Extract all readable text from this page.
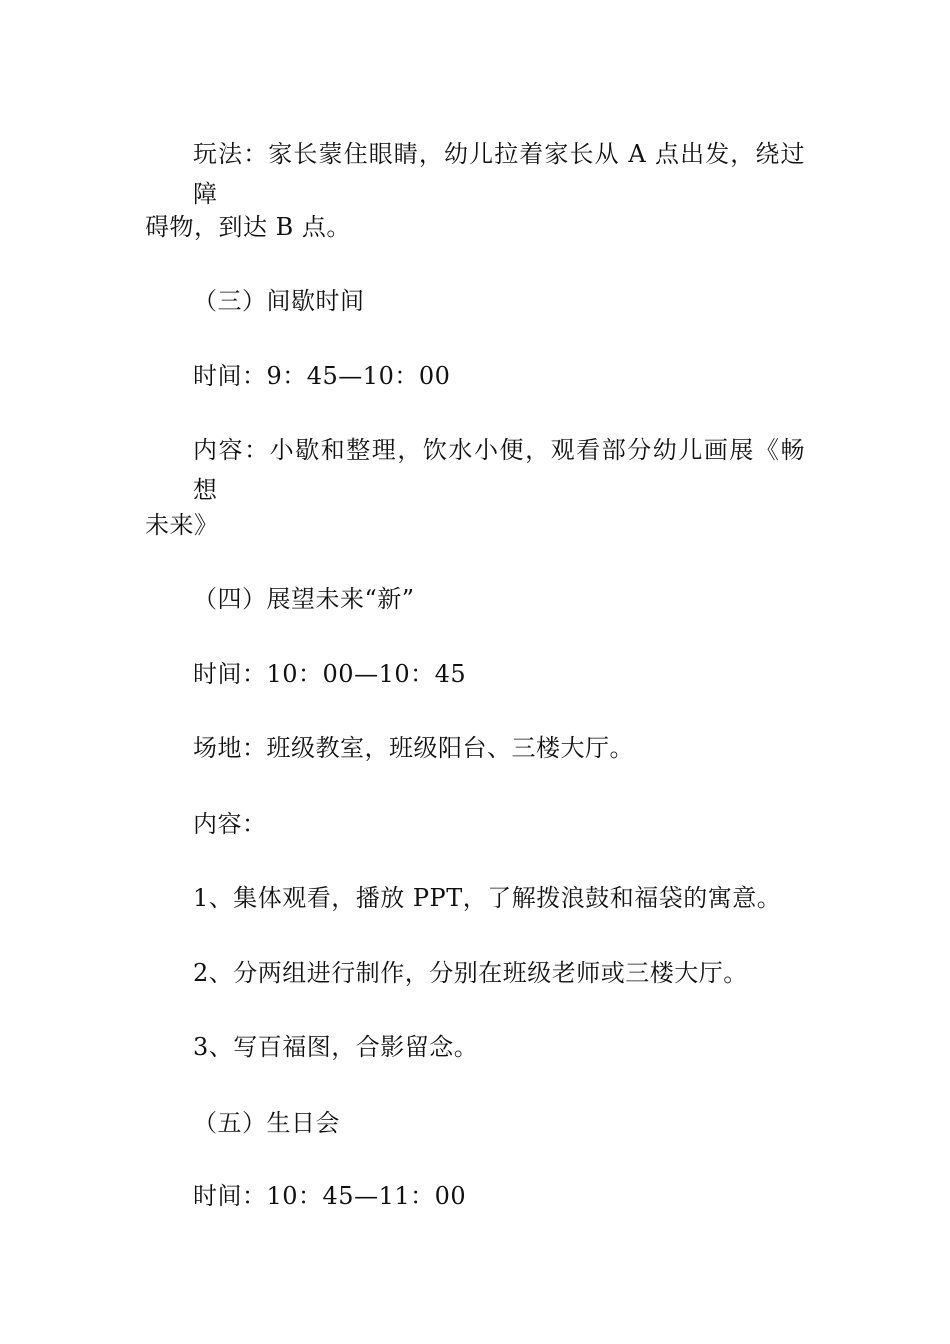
玩法：家长蒙住眼睛，幼儿拉着家长从 A 点出发，绕过障
碍物，到达 B 点。
（三）间歇时间
时间：9：45—10：00
内容：小歇和整理，饮水小便，观看部分幼儿画展《畅想
未来》
（四）展望未来“新”
时间：10：00—10：45
场地：班级教室，班级阳台、三楼大厅。
内容：
1、集体观看，播放 PPT，了解拨浪鼓和福袋的寓意。
2、分两组进行制作，分别在班级老师或三楼大厅。
3、写百福图，合影留念。
（五）生日会
时间：10：45—11：00
